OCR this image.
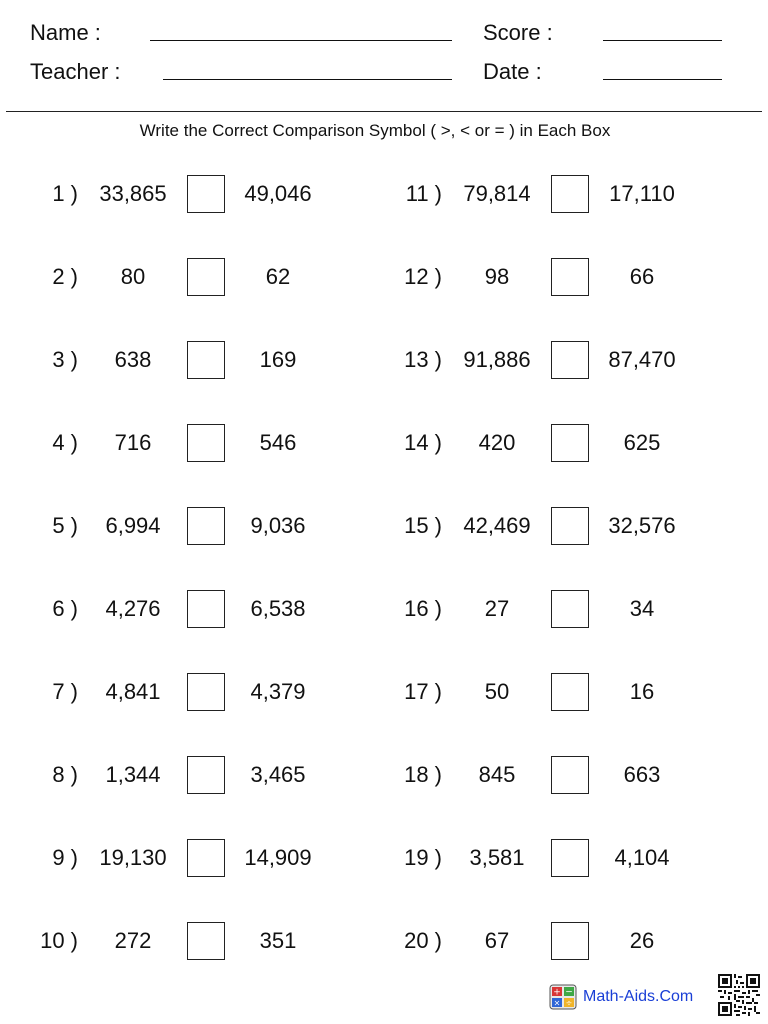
Name :
Teacher :
Score :
Date :
Write the Correct Comparison Symbol ( >, < or = ) in Each Box
1 ) 33,865	49,046
2 )	80	62
3 )	638	169
4 )	716	546
5 )	6,994	9,036
6 )	4,276	6,538
7 )	4,841	4,379
8 )	1,344	3,465
9 ) 19,130	14,909
10 )	272	351
11 ) 79,814	17,110
12 )	98	66
13 ) 91,886	87,470
14 )	420	625
15 ) 42,469	32,576
16 )	27	34
17 )	50	16
18 )	845	663
19 )	3,581	4,104
20 )	67	26
+ −
× ÷ Math-Aids.Com
